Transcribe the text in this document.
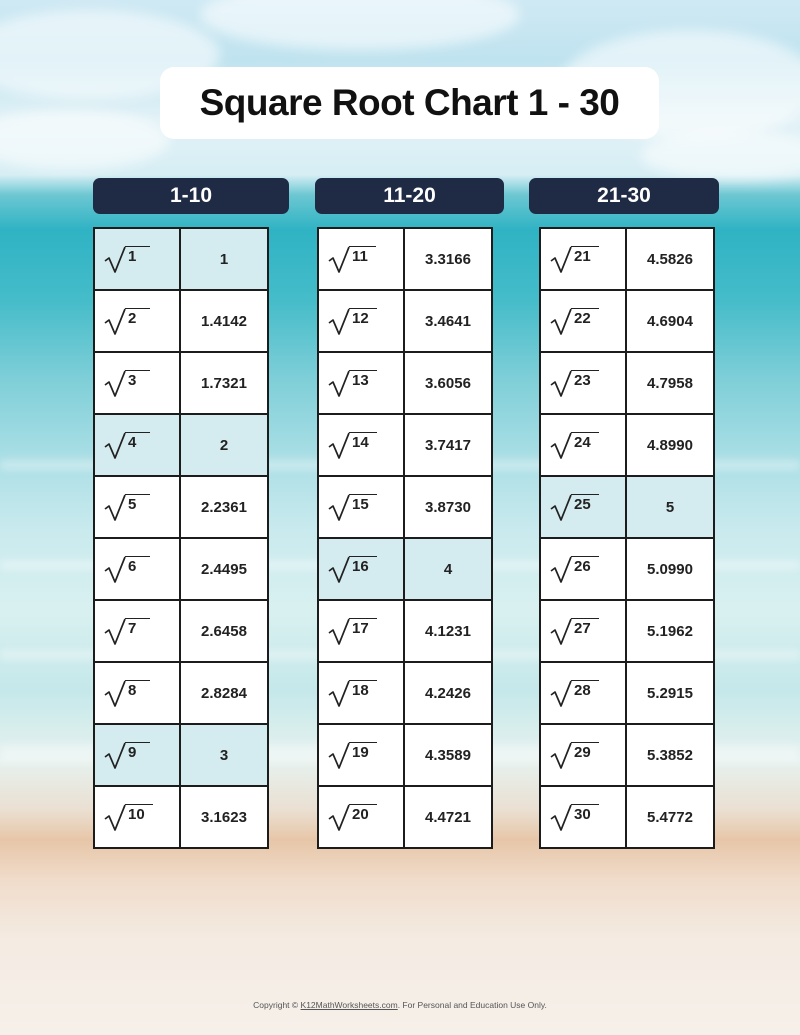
Square Root Chart 1 - 30
1-10
1	1

2	1.4142

3	1.7321

4	2

5	2.2361

6	2.4495

7	2.6458

8	2.8284

9	3

10	3.1623
11-20
11	3.3166

12	3.4641

13	3.6056

14	3.7417

15	3.8730

16	4

17	4.1231

18	4.2426

19	4.3589

20	4.4721
21-30
21	4.5826

22	4.6904

23	4.7958

24	4.8990

25	5

26	5.0990

27	5.1962

28	5.2915

29	5.3852

30	5.4772
Copyright © K12MathWorksheets.com. For Personal and Education Use Only.
